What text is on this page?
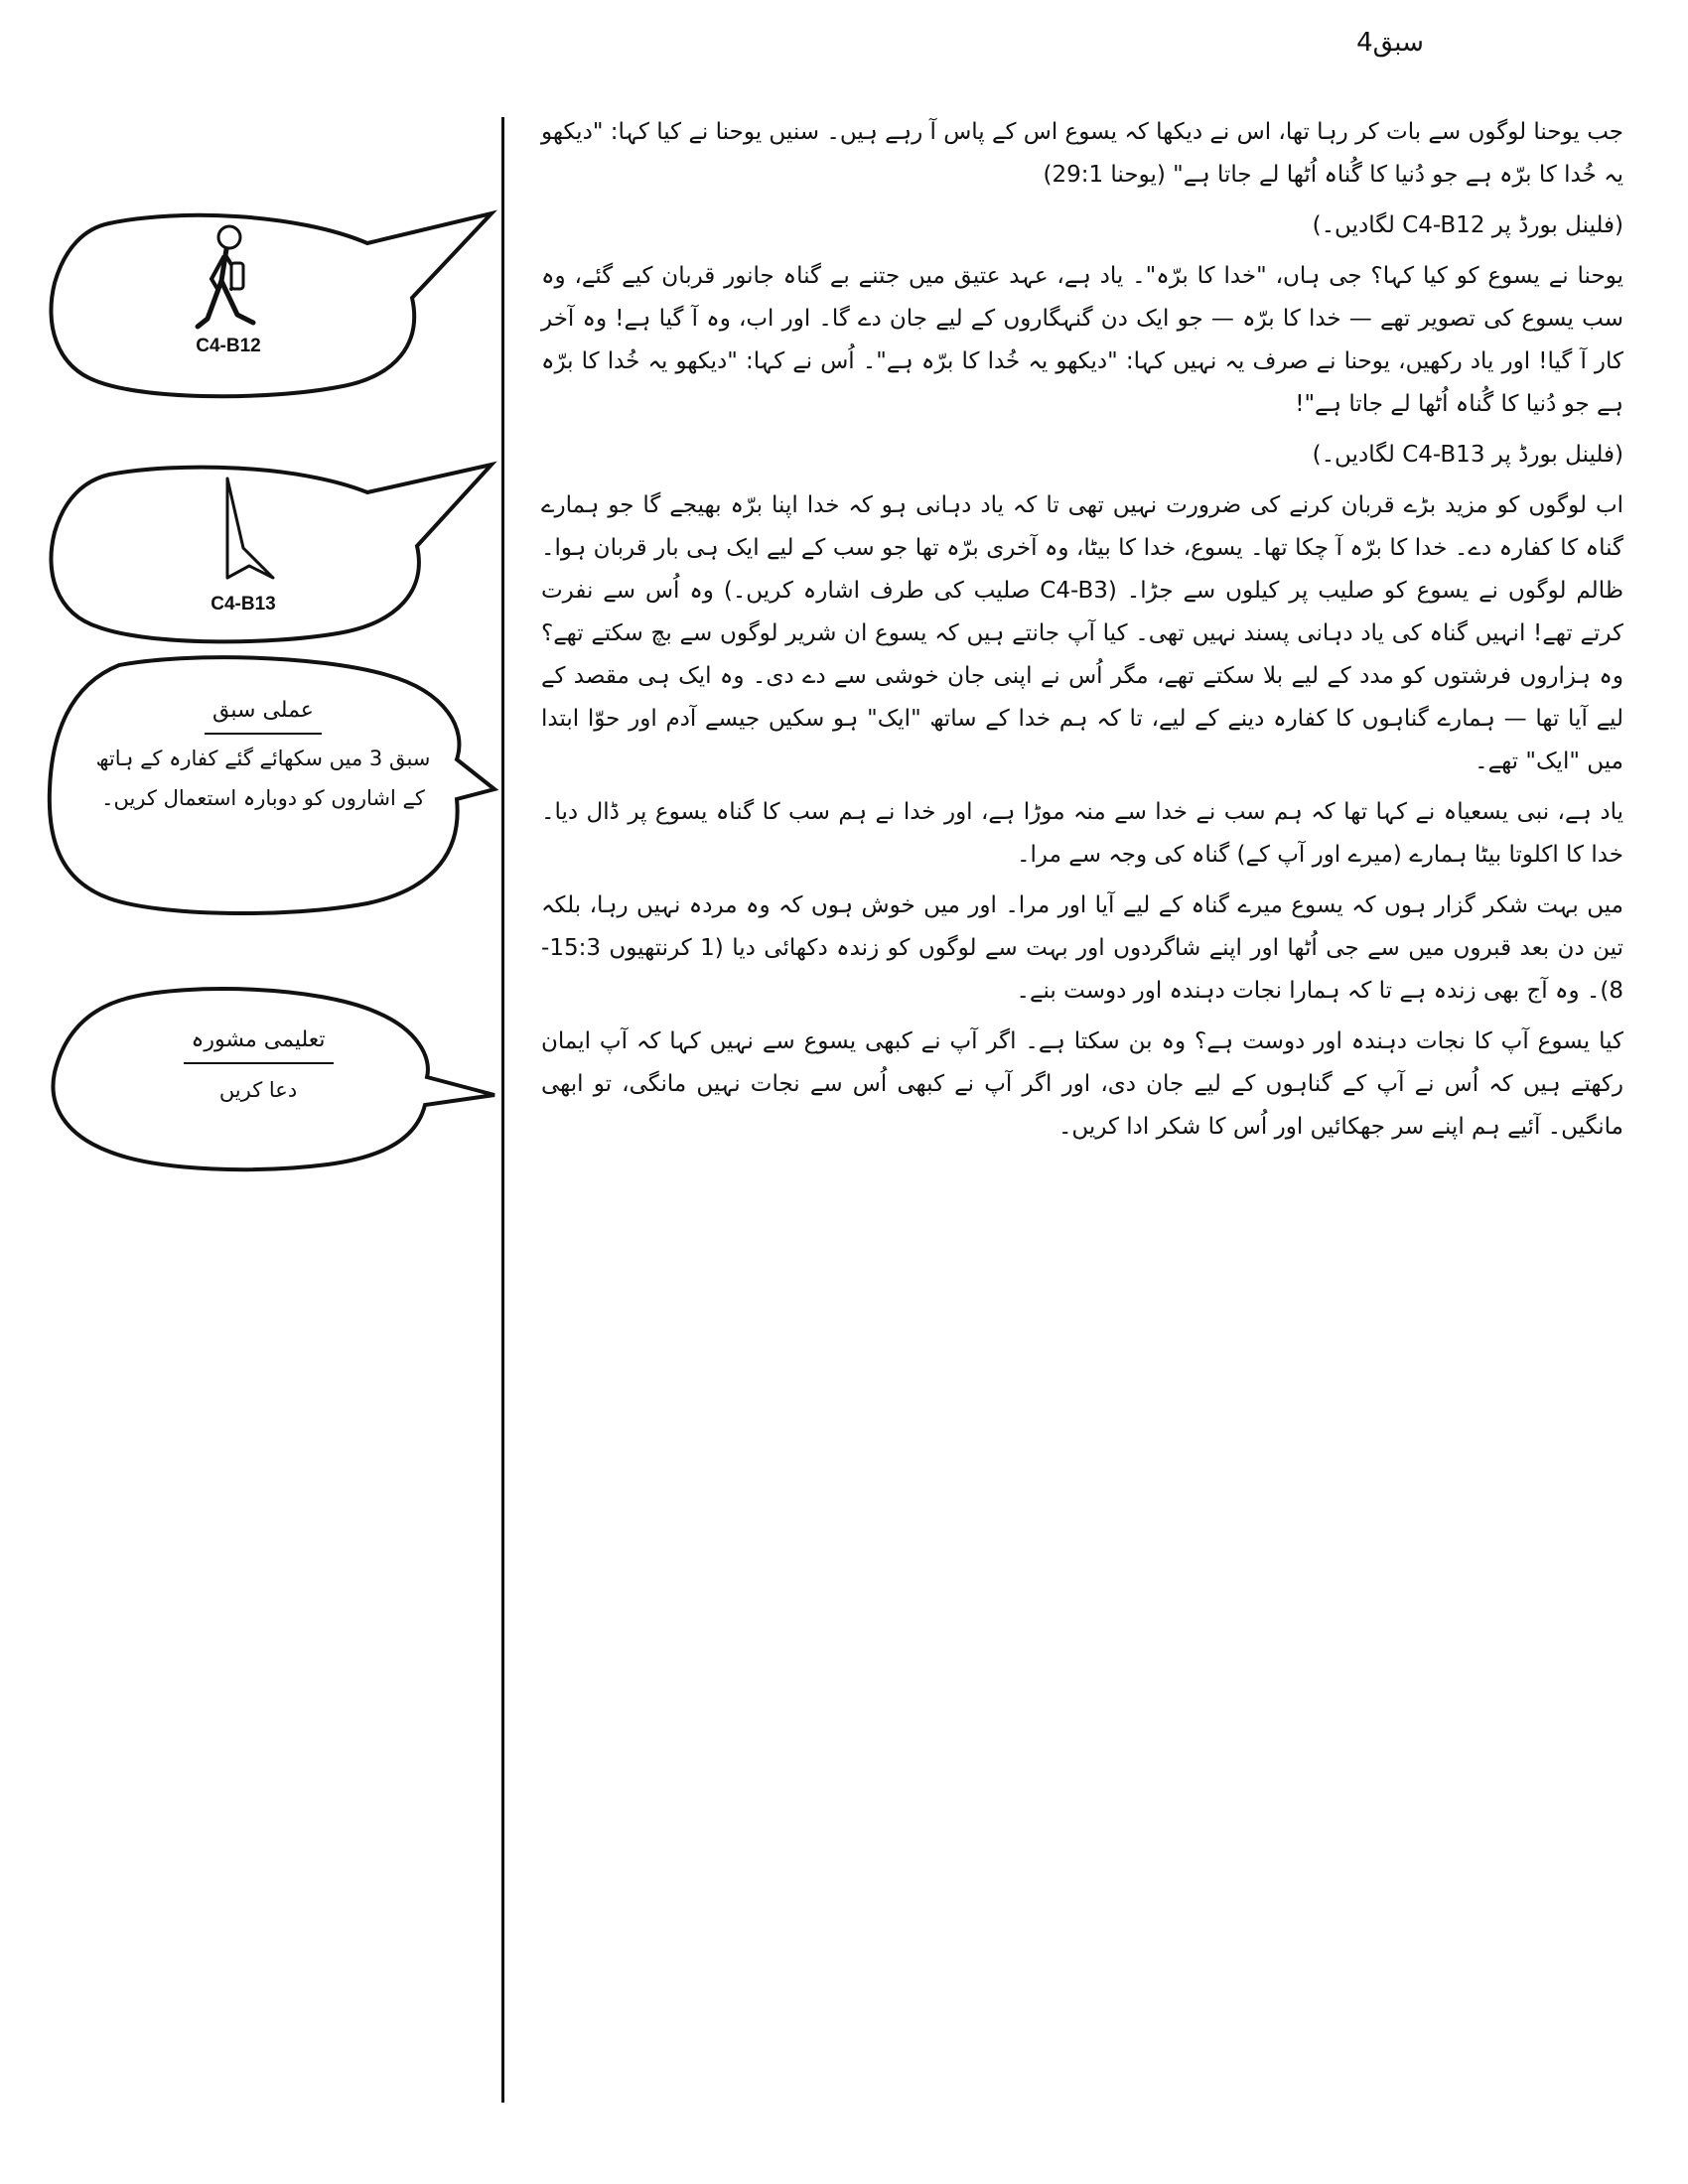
سبق4

جب یوحنا لوگوں سے بات کر رہا تھا، اس نے دیکھا کہ یسوع اس کے پاس آ رہے ہیں۔ سنیں یوحنا نے کیا کہا: "دیکھو یہ خُدا کا برّہ ہے جو دُنیا کا گُناہ اُٹھا لے جاتا ہے" (یوحنا 29:1)

(فلینل بورڈ پر C4-B12 لگادیں۔)

یوحنا نے یسوع کو کیا کہا؟ جی ہاں، "خدا کا برّہ"۔ یاد ہے، عہد عتیق میں جتنے بے گناہ جانور قربان کیے گئے، وہ سب یسوع کی تصویر تھے — خدا کا برّہ — جو ایک دن گنہگاروں کے لیے جان دے گا۔ اور اب، وہ آ گیا ہے! وہ آخر کار آ گیا! اور یاد رکھیں، یوحنا نے صرف یہ نہیں کہا: "دیکھو یہ خُدا کا برّہ ہے"۔ اُس نے کہا: "دیکھو یہ خُدا کا برّہ ہے جو دُنیا کا گُناہ اُٹھا لے جاتا ہے"!

(فلینل بورڈ پر C4-B13 لگادیں۔)

اب لوگوں کو مزید بڑے قربان کرنے کی ضرورت نہیں تھی تا کہ یاد دہانی ہو کہ خدا اپنا برّہ بھیجے گا جو ہمارے گناہ کا کفارہ دے۔ خدا کا برّہ آ چکا تھا۔ یسوع، خدا کا بیٹا، وہ آخری برّہ تھا جو سب کے لیے ایک ہی بار قربان ہوا۔ ظالم لوگوں نے یسوع کو صلیب پر کیلوں سے جڑا۔ (C4-B3 صلیب کی طرف اشارہ کریں۔) وہ اُس سے نفرت کرتے تھے! انہیں گناہ کی یاد دہانی پسند نہیں تھی۔ کیا آپ جانتے ہیں کہ یسوع ان شریر لوگوں سے بچ سکتے تھے؟ وہ ہزاروں فرشتوں کو مدد کے لیے بلا سکتے تھے، مگر اُس نے اپنی جان خوشی سے دے دی۔ وہ ایک ہی مقصد کے لیے آیا تھا — ہمارے گناہوں کا کفارہ دینے کے لیے، تا کہ ہم خدا کے ساتھ "ایک" ہو سکیں جیسے آدم اور حوّا ابتدا میں "ایک" تھے۔

یاد ہے، نبی یسعیاہ نے کہا تھا کہ ہم سب نے خدا سے منہ موڑا ہے، اور خدا نے ہم سب کا گناہ یسوع پر ڈال دیا۔ خدا کا اکلوتا بیٹا ہمارے (میرے اور آپ کے) گناہ کی وجہ سے مرا۔

میں بہت شکر گزار ہوں کہ یسوع میرے گناہ کے لیے آیا اور مرا۔ اور میں خوش ہوں کہ وہ مردہ نہیں رہا، بلکہ تین دن بعد قبروں میں سے جی اُٹھا اور اپنے شاگردوں اور بہت سے لوگوں کو زندہ دکھائی دیا (1 کرنتھیوں 15:3-8)۔ وہ آج بھی زندہ ہے تا کہ ہمارا نجات دہندہ اور دوست بنے۔

کیا یسوع آپ کا نجات دہندہ اور دوست ہے؟ وہ بن سکتا ہے۔ اگر آپ نے کبھی یسوع سے نہیں کہا کہ آپ ایمان رکھتے ہیں کہ اُس نے آپ کے گناہوں کے لیے جان دی، اور اگر آپ نے کبھی اُس سے نجات نہیں مانگی، تو ابھی مانگیں۔ آئیے ہم اپنے سر جھکائیں اور اُس کا شکر ادا کریں۔

C4-B12
C4-B13
عملی سبق
سبق 3 میں سکھائے گئے کفارہ کے ہاتھ کے اشاروں کو دوبارہ استعمال کریں۔
تعلیمی مشورہ
دعا کریں
